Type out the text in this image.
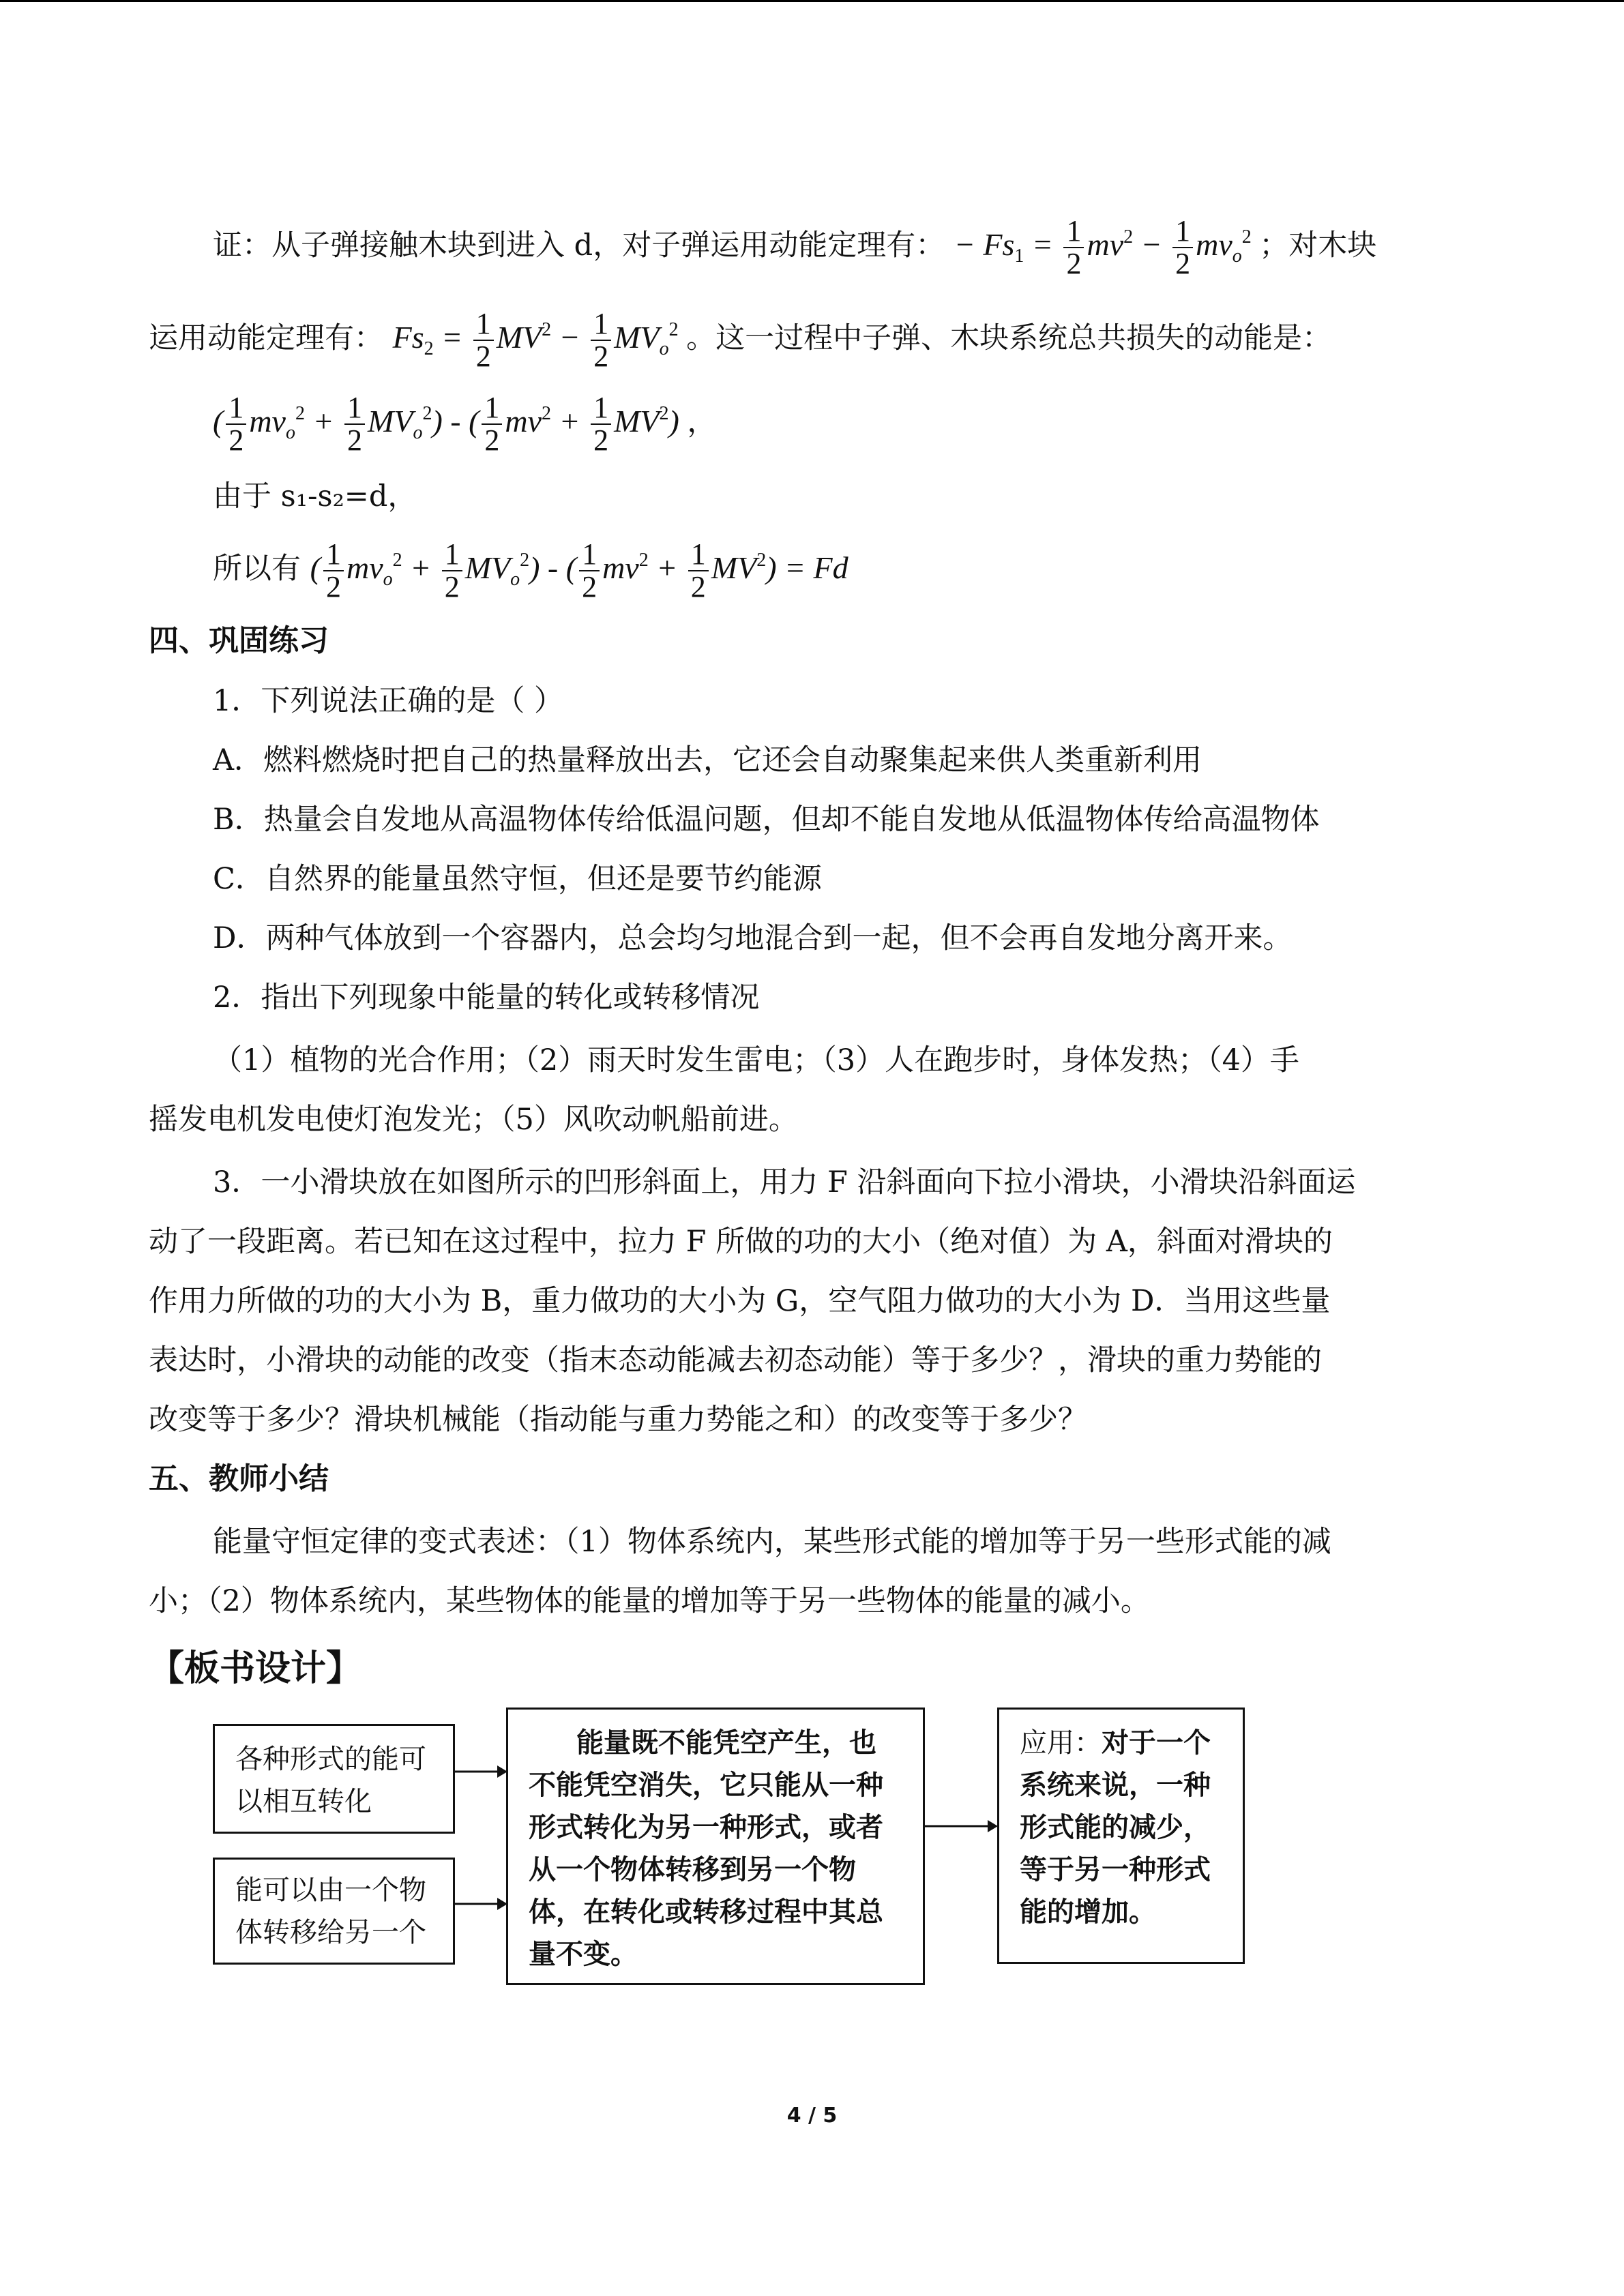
证：从子弹接触木块到进入 d，对子弹运用动能定理有： − $Fs_1 = \frac{1}{2} mv^2 - \frac{1}{2} mv_o^2$ ；对木块
运用动能定理有： $Fs_2 = \frac{1}{2} MV^2 - \frac{1}{2} MV_o^2$ 。这一过程中子弹、木块系统总共损失的动能是：
( $\frac{1}{2} mv_o^2 + \frac{1}{2} MV_o^2$) - ( $\frac{1}{2} mv^2 + \frac{1}{2} MV^2$) ，
由于 s₁-s₂=d，
所以有 ( $\frac{1}{2} mv_o^2 + \frac{1}{2} MV_o^2$) - ( $\frac{1}{2} mv^2 + \frac{1}{2} MV^2) = Fd$
四、巩固练习
1．下列说法正确的是（ ）
A．燃料燃烧时把自己的热量释放出去，它还会自动聚集起来供人类重新利用
B．热量会自发地从高温物体传给低温问题，但却不能自发地从低温物体传给高温物体
C．自然界的能量虽然守恒，但还是要节约能源
D．两种气体放到一个容器内，总会均匀地混合到一起，但不会再自发地分离开来。
2．指出下列现象中能量的转化或转移情况
（1）植物的光合作用；（2）雨天时发生雷电；（3）人在跑步时，身体发热；（4）手
摇发电机发电使灯泡发光；（5）风吹动帆船前进。
3．一小滑块放在如图所示的凹形斜面上，用力 F 沿斜面向下拉小滑块，小滑块沿斜面运
动了一段距离。若已知在这过程中，拉力 F 所做的功的大小（绝对值）为 A，斜面对滑块的
作用力所做的功的大小为 B，重力做功的大小为 G，空气阻力做功的大小为 D．当用这些量
表达时，小滑块的动能的改变（指末态动能减去初态动能）等于多少？，滑块的重力势能的
改变等于多少？滑块机械能（指动能与重力势能之和）的改变等于多少？
五、教师小结
能量守恒定律的变式表述：（1）物体系统内，某些形式能的增加等于另一些形式能的减
小；（2）物体系统内，某些物体的能量的增加等于另一些物体的能量的减小。
【板书设计】
各种形式的能可
以相互转化
能可以由一个物
体转移给另一个
能量既不能凭空产生，也
不能凭空消失，它只能从一种
形式转化为另一种形式，或者
从一个物体转移到另一个物
体，在转化或转移过程中其总
量不变。
应用：对于一个
系统来说，一种
形式能的减少，
等于另一种形式
能的增加。
4 / 5
